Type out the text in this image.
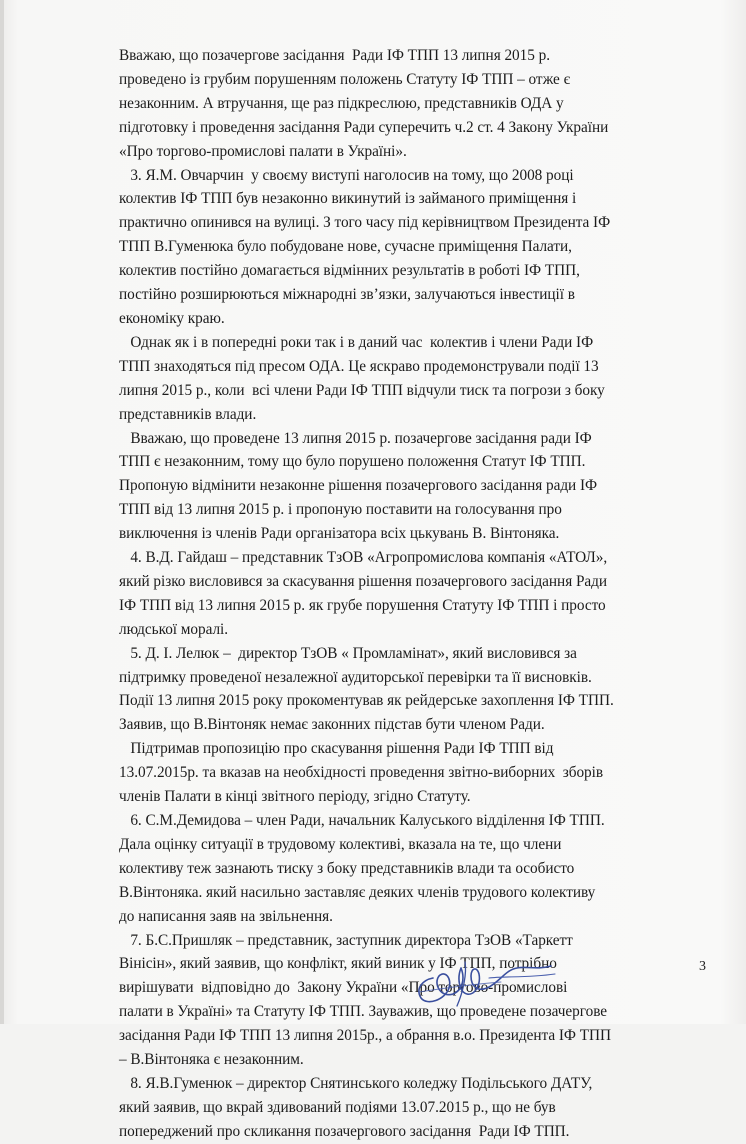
Вважаю, що позачергове засідання  Ради ІФ ТПП 13 липня 2015 р.
проведено із грубим порушенням положень Статуту ІФ ТПП – отже є
незаконним. А втручання, ще раз підкреслюю, представників ОДА у
підготовку і проведення засідання Ради суперечить ч.2 ст. 4 Закону України
«Про торгово-промислові палати в Україні».
3. Я.М. Овчарчин  у своєму виступі наголосив на тому, що 2008 році
колектив ІФ ТПП був незаконно викинутий із займаного приміщення і
практично опинився на вулиці. З того часу під керівництвом Президента ІФ
ТПП В.Гуменюка було побудоване нове, сучасне приміщення Палати,
колектив постійно домагається відмінних результатів в роботі ІФ ТПП,
постійно розширюються міжнародні зв’язки, залучаються інвестиції в
економіку краю.
Однак як і в попередні роки так і в даний час  колектив і члени Ради ІФ
ТПП знаходяться під пресом ОДА. Це яскраво продемонстрували події 13
липня 2015 р., коли  всі члени Ради ІФ ТПП відчули тиск та погрози з боку
представників влади.
Вважаю, що проведене 13 липня 2015 р. позачергове засідання ради ІФ
ТПП є незаконним, тому що було порушено положення Статут ІФ ТПП.
Пропоную відмінити незаконне рішення позачергового засідання ради ІФ
ТПП від 13 липня 2015 р. і пропоную поставити на голосування про
виключення із членів Ради організатора всіх цькувань В. Вінтоняка.
4. В.Д. Гайдаш – представник ТзОВ «Агропромислова компанія «АТОЛ»,
який різко висловився за скасування рішення позачергового засідання Ради
ІФ ТПП від 13 липня 2015 р. як грубе порушення Статуту ІФ ТПП і просто
людської моралі.
5. Д. І. Лелюк –  директор ТзОВ « Промламінат», який висловився за
підтримку проведеної незалежної аудиторської перевірки та її висновків.
Події 13 липня 2015 року прокоментував як рейдерське захоплення ІФ ТПП.
Заявив, що В.Вінтоняк немає законних підстав бути членом Ради.
Підтримав пропозицію про скасування рішення Ради ІФ ТПП від
13.07.2015р. та вказав на необхідності проведення звітно-виборних  зборів
членів Палати в кінці звітного періоду, згідно Статуту.
6. С.М.Демидова – член Ради, начальник Калуського відділення ІФ ТПП.
Дала оцінку ситуації в трудовому колективі, вказала на те, що члени
колективу теж зазнають тиску з боку представників влади та особисто
В.Вінтоняка. який насильно заставляє деяких членів трудового колективу
до написання заяв на звільнення.
7. Б.С.Пришляк – представник, заступник директора ТзОВ «Таркетт
Вінісін», який заявив, що конфлікт, який виник у ІФ ТПП, потрібно
вирішувати  відповідно до  Закону України «Про торгово-промислові
палати в Україні» та Статуту ІФ ТПП. Зауважив, що проведене позачергове
засідання Ради ІФ ТПП 13 липня 2015р., а обрання в.о. Президента ІФ ТПП
– В.Вінтоняка є незаконним.
8. Я.В.Гуменюк – директор Снятинського коледжу Подільського ДАТУ,
який заявив, що вкрай здивований подіями 13.07.2015 р., що не був
попереджений про скликання позачергового засідання  Ради ІФ ТПП.
3
